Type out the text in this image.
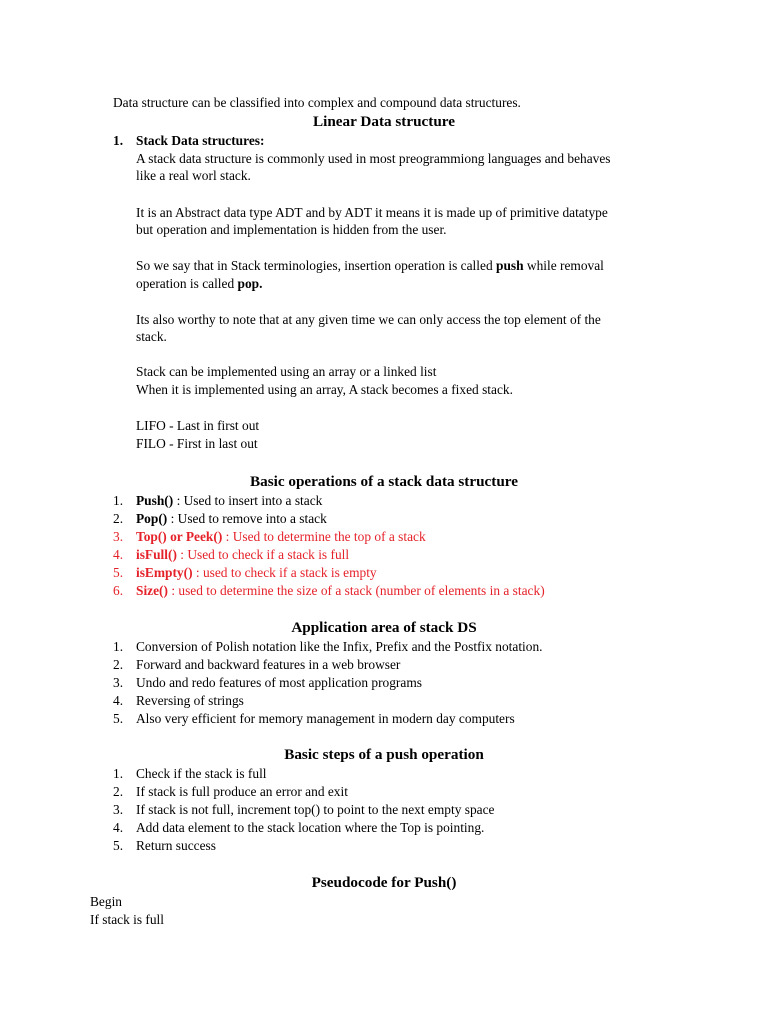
Data structure can be classified into complex and compound data structures.
Linear Data structure
1. Stack Data structures:
A stack data structure is commonly used in most preogrammiong languages and behaves
like a real worl stack.
It is an Abstract data type ADT and by ADT it means it is made up of primitive datatype
but operation and implementation is hidden from the user.
So we say that in Stack terminologies, insertion operation is called push while removal
operation is called pop.
Its also worthy to note that at any given time we can only access the top element of the
stack.
Stack can be implemented using an array or a linked list
When it is implemented using an array, A stack becomes a fixed stack.
LIFO - Last in first out
FILO - First in last out
Basic operations of a stack data structure
1. Push() : Used to insert into a stack
2. Pop() : Used to remove into a stack
3. Top() or Peek() : Used to determine the top of a stack
4. isFull() : Used to check if a stack is full
5. isEmpty() : used to check if a stack is empty
6. Size() : used to determine the size of a stack (number of elements in a stack)
Application area of stack DS
1. Conversion of Polish notation like the Infix, Prefix and the Postfix notation.
2. Forward and backward features in a web browser
3. Undo and redo features of most application programs
4. Reversing of strings
5. Also very efficient for memory management in modern day computers
Basic steps of a push operation
1. Check if the stack is full
2. If stack is full produce an error and exit
3. If stack is not full, increment top() to point to the next empty space
4. Add data element to the stack location where the Top is pointing.
5. Return success
Pseudocode for Push()
Begin
If stack is full
